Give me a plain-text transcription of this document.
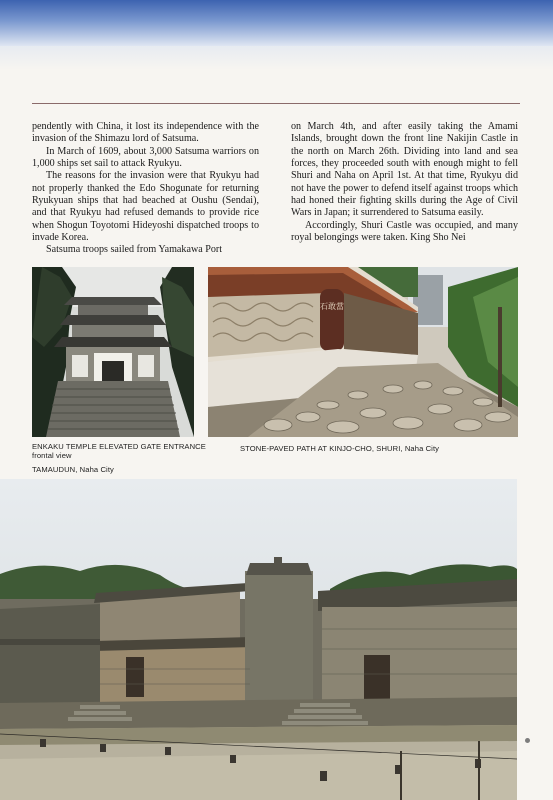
pendently with China, it lost its independence with the invasion of the Shimazu lord of Satsuma.

In March of 1609, about 3,000 Satsuma warriors on 1,000 ships set sail to attack Ryukyu.

The reasons for the invasion were that Ryukyu had not properly thanked the Edo Shogunate for returning Ryukyuan ships that had beached at Oushu (Sendai), and that Ryukyu had refused demands to provide rice when Shogun Toyotomi Hideyoshi dispatched troops to invade Korea.

Satsuma troops sailed from Yamakawa Port

on March 4th, and after easily taking the Amami Islands, brought down the front line Nakijin Castle in the north on March 26th. Dividing into land and sea forces, they proceeded south with enough might to fell Shuri and Naha on April 1st. At that time, Ryukyu did not have the power to defend itself against troops which had honed their fighting skills during the Age of Civil Wars in Japan; it surrendered to Satsuma easily.

Accordingly, Shuri Castle was occupied, and many royal belongings were taken. King Sho Nei

石敢當
ENKAKU TEMPLE ELEVATED GATE ENTRANCE frontal view
STONE-PAVED PATH AT KINJO-CHO, SHURI, Naha City
TAMAUDUN, Naha City
